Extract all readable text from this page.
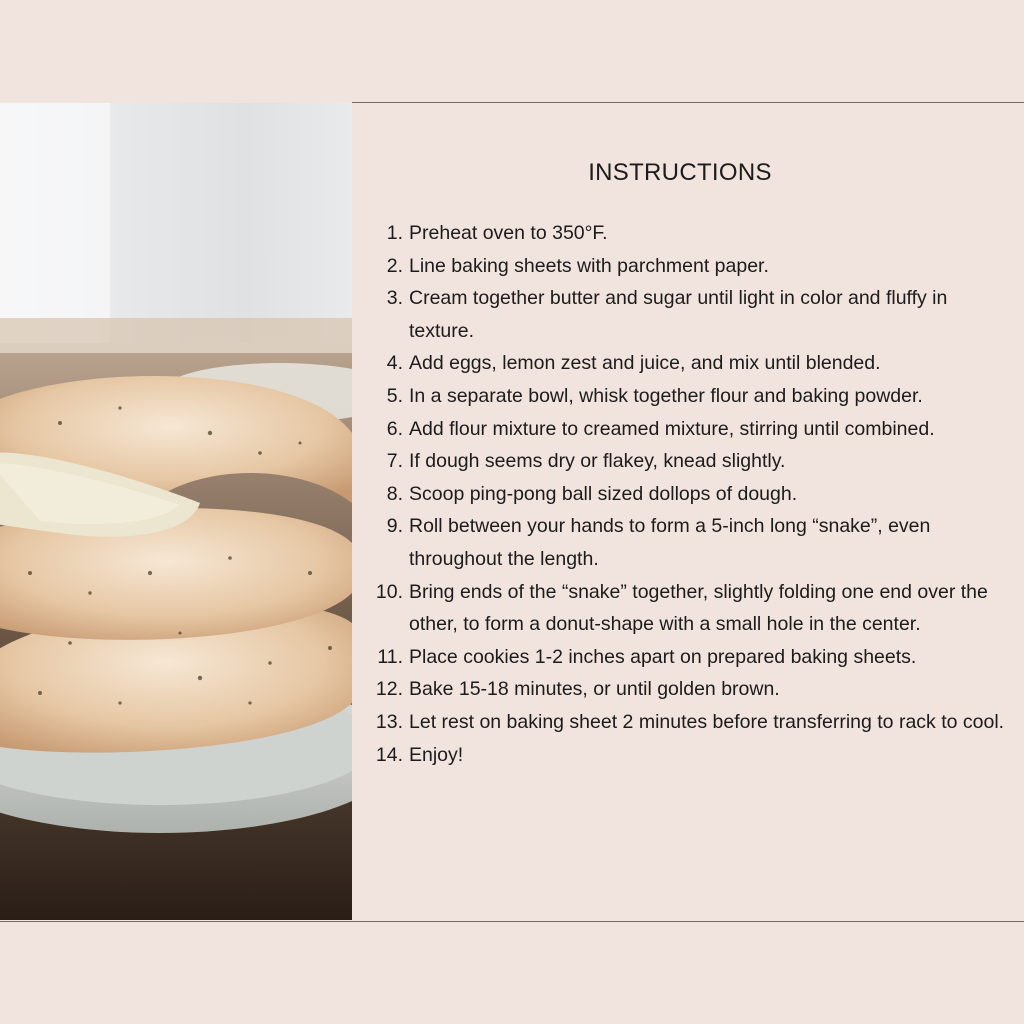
INSTRUCTIONS
1. Preheat oven to 350°F.
2. Line baking sheets with parchment paper.
3. Cream together butter and sugar until light in color and fluffy in texture.
4. Add eggs, lemon zest and juice, and mix until blended.
5. In a separate bowl, whisk together flour and baking powder.
6. Add flour mixture to creamed mixture, stirring until combined.
7. If dough seems dry or flakey, knead slightly.
8. Scoop ping-pong ball sized dollops of dough.
9. Roll between your hands to form a 5-inch long “snake”, even throughout the length.
10. Bring ends of the “snake” together, slightly folding one end over the other, to form a donut-shape with a small hole in the center.
11. Place cookies 1-2 inches apart on prepared baking sheets.
12. Bake 15-18 minutes, or until golden brown.
13. Let rest on baking sheet 2 minutes before transferring to rack to cool.
14. Enjoy!
